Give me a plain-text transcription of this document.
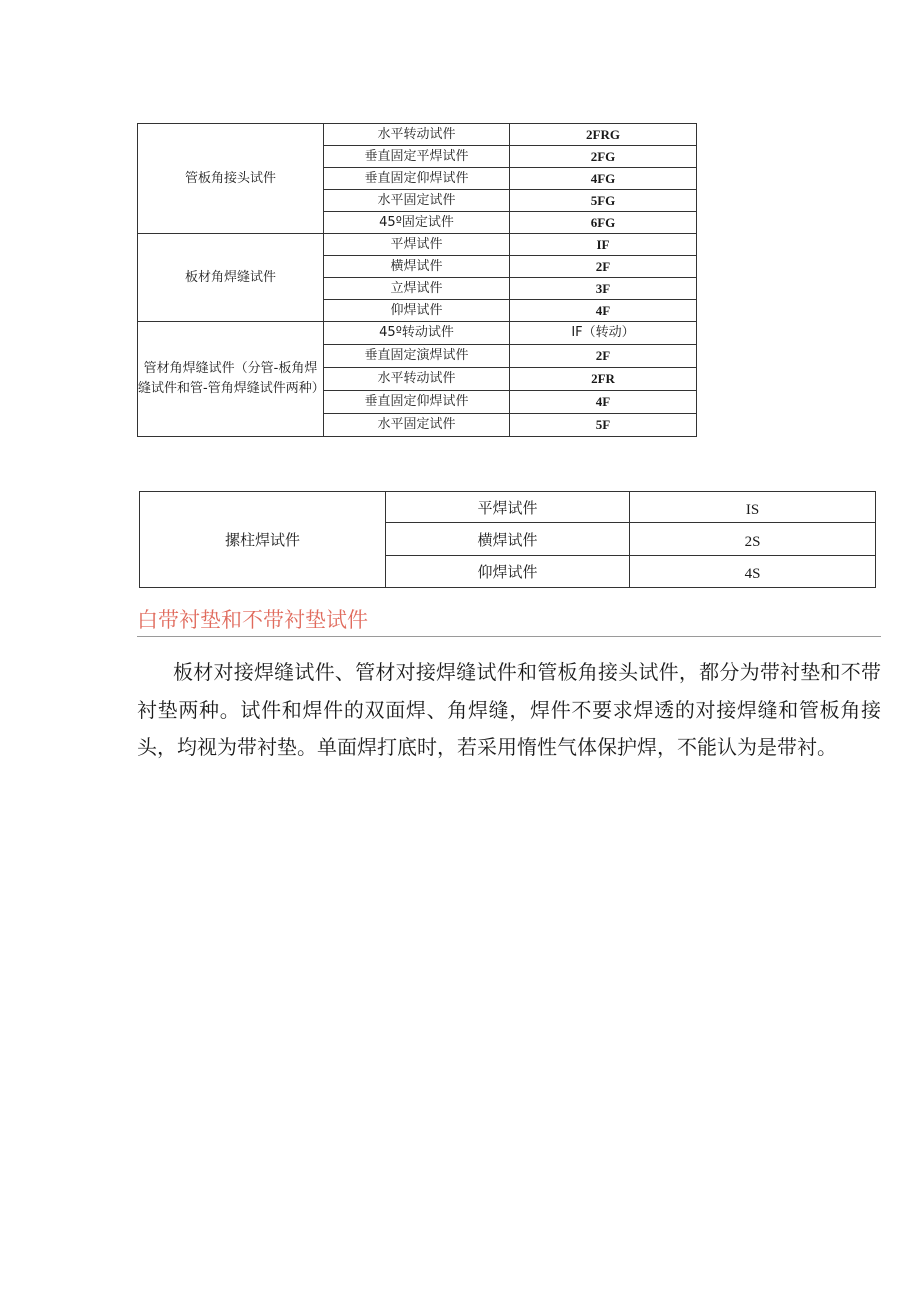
管板角接头试件	水平转动试件	2FRG
	垂直固定平焊试件	2FG
	垂直固定仰焊试件	4FG
	水平固定试件	5FG
	45º固定试件	6FG
板材角焊缝试件	平焊试件	IF
	横焊试件	2F
	立焊试件	3F
	仰焊试件	4F
管材角焊缝试件（分管-板角焊缝试件和管-管角焊缝试件两种）	45º转动试件	IF（转动）
	垂直固定演焊试件	2F
	水平转动试件	2FR
	垂直固定仰焊试件	4F
	水平固定试件	5F
摞柱焊试件	平焊试件	IS
	横焊试件	2S
	仰焊试件	4S
白带衬垫和不带衬垫试件

板材对接焊缝试件、管材对接焊缝试件和管板角接头试件，都分为带衬垫和不带衬垫两种。试件和焊件的双面焊、角焊缝，焊件不要求焊透的对接焊缝和管板角接头，均视为带衬垫。单面焊打底时，若采用惰性气体保护焊，不能认为是带衬。
